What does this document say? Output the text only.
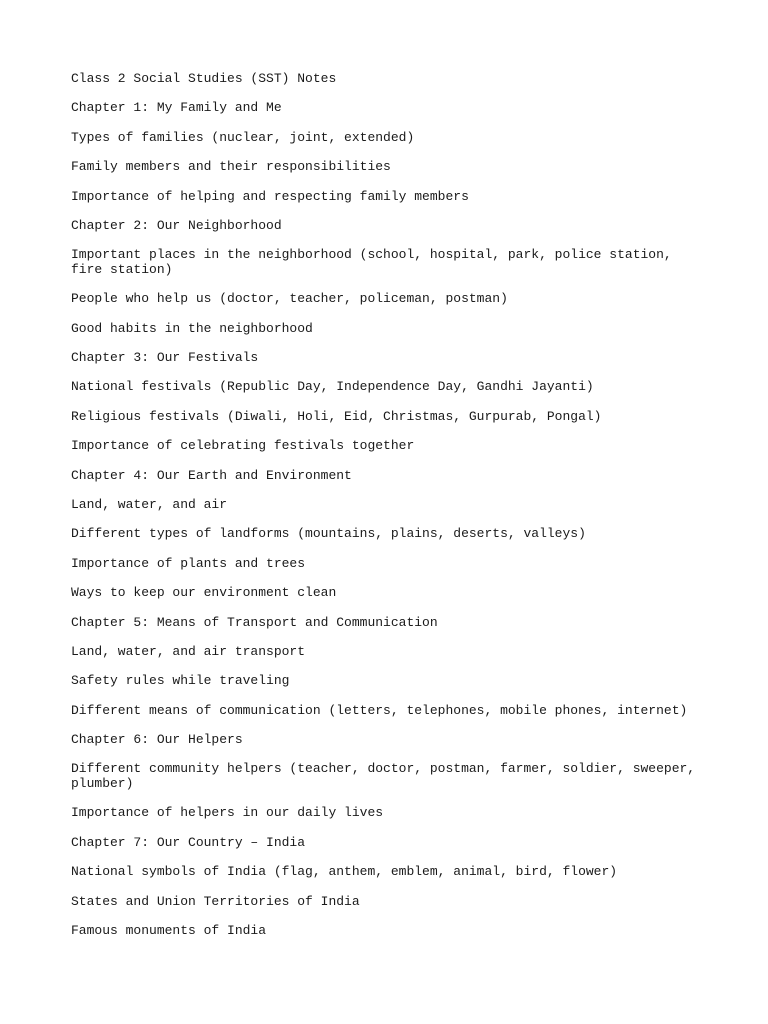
Class 2 Social Studies (SST) Notes
Chapter 1: My Family and Me
Types of families (nuclear, joint, extended)
Family members and their responsibilities
Importance of helping and respecting family members
Chapter 2: Our Neighborhood
Important places in the neighborhood (school, hospital, park, police station, fire station)
People who help us (doctor, teacher, policeman, postman)
Good habits in the neighborhood
Chapter 3: Our Festivals
National festivals (Republic Day, Independence Day, Gandhi Jayanti)
Religious festivals (Diwali, Holi, Eid, Christmas, Gurpurab, Pongal)
Importance of celebrating festivals together
Chapter 4: Our Earth and Environment
Land, water, and air
Different types of landforms (mountains, plains, deserts, valleys)
Importance of plants and trees
Ways to keep our environment clean
Chapter 5: Means of Transport and Communication
Land, water, and air transport
Safety rules while traveling
Different means of communication (letters, telephones, mobile phones, internet)
Chapter 6: Our Helpers
Different community helpers (teacher, doctor, postman, farmer, soldier, sweeper, plumber)
Importance of helpers in our daily lives
Chapter 7: Our Country – India
National symbols of India (flag, anthem, emblem, animal, bird, flower)
States and Union Territories of India
Famous monuments of India
